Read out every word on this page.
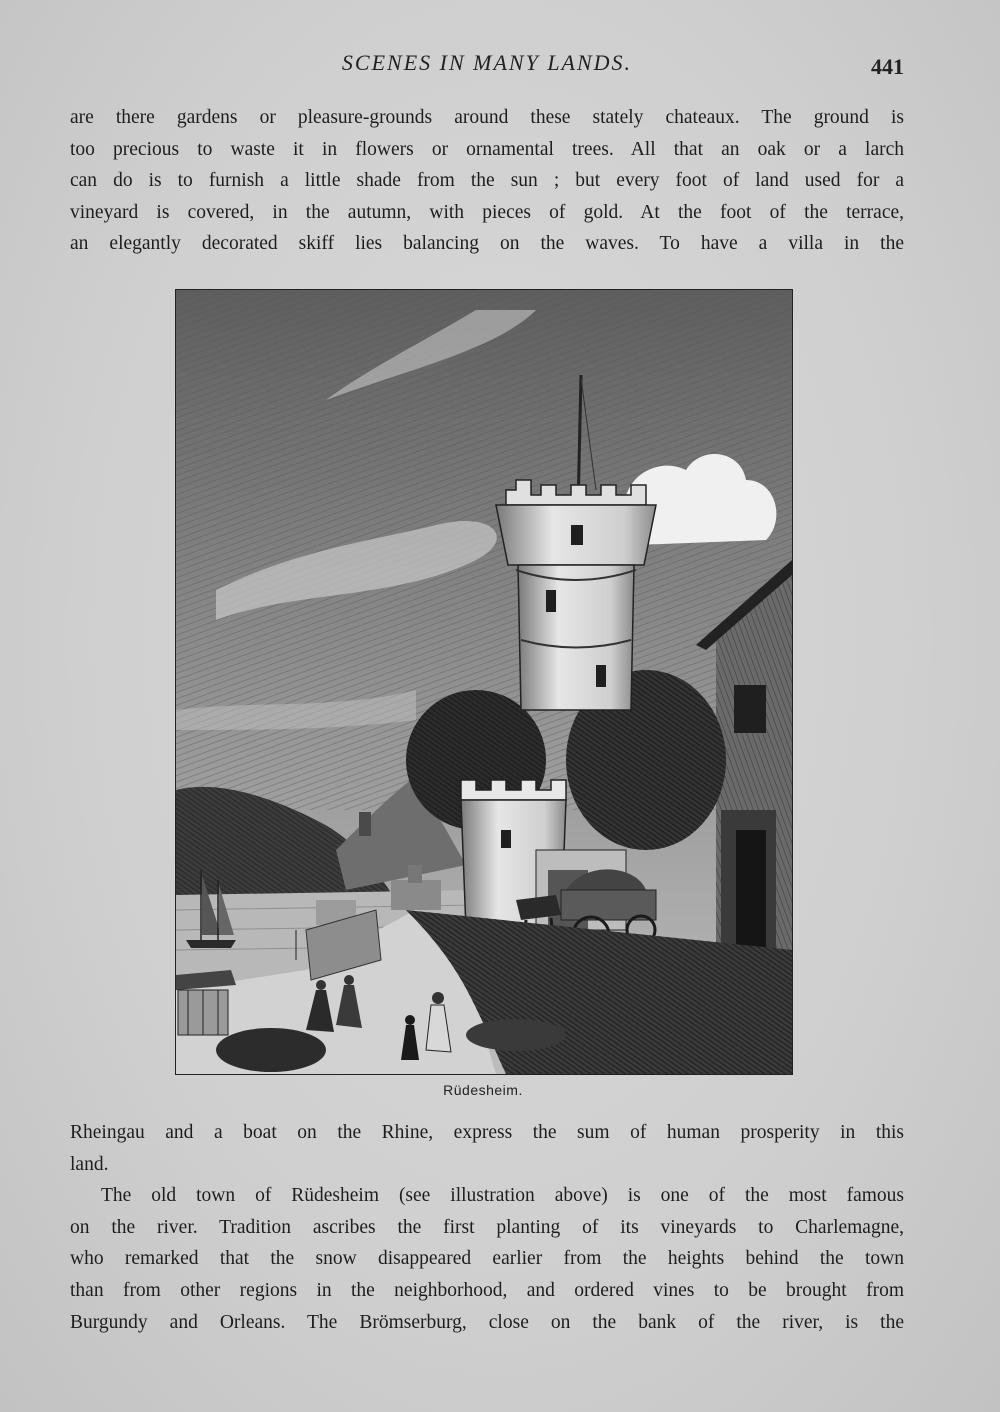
SCENES IN MANY LANDS.	441

are there gardens or pleasure-grounds around these stately chateaux. The ground is

too precious to waste it in flowers or ornamental trees. All that an oak or a larch

can do is to furnish a little shade from the sun ; but every foot of land used for a

vineyard is covered, in the autumn, with pieces of gold. At the foot of the terrace,

an elegantly decorated skiff lies balancing on the waves. To have a villa in the

Rüdesheim.

Rheingau and a boat on the Rhine, express the sum of human prosperity in this

land.

The old town of Rüdesheim (see illustration above) is one of the most famous

on the river. Tradition ascribes the first planting of its vineyards to Charlemagne,

who remarked that the snow disappeared earlier from the heights behind the town

than from other regions in the neighborhood, and ordered vines to be brought from

Burgundy and Orleans. The Brömserburg, close on the bank of the river, is the
